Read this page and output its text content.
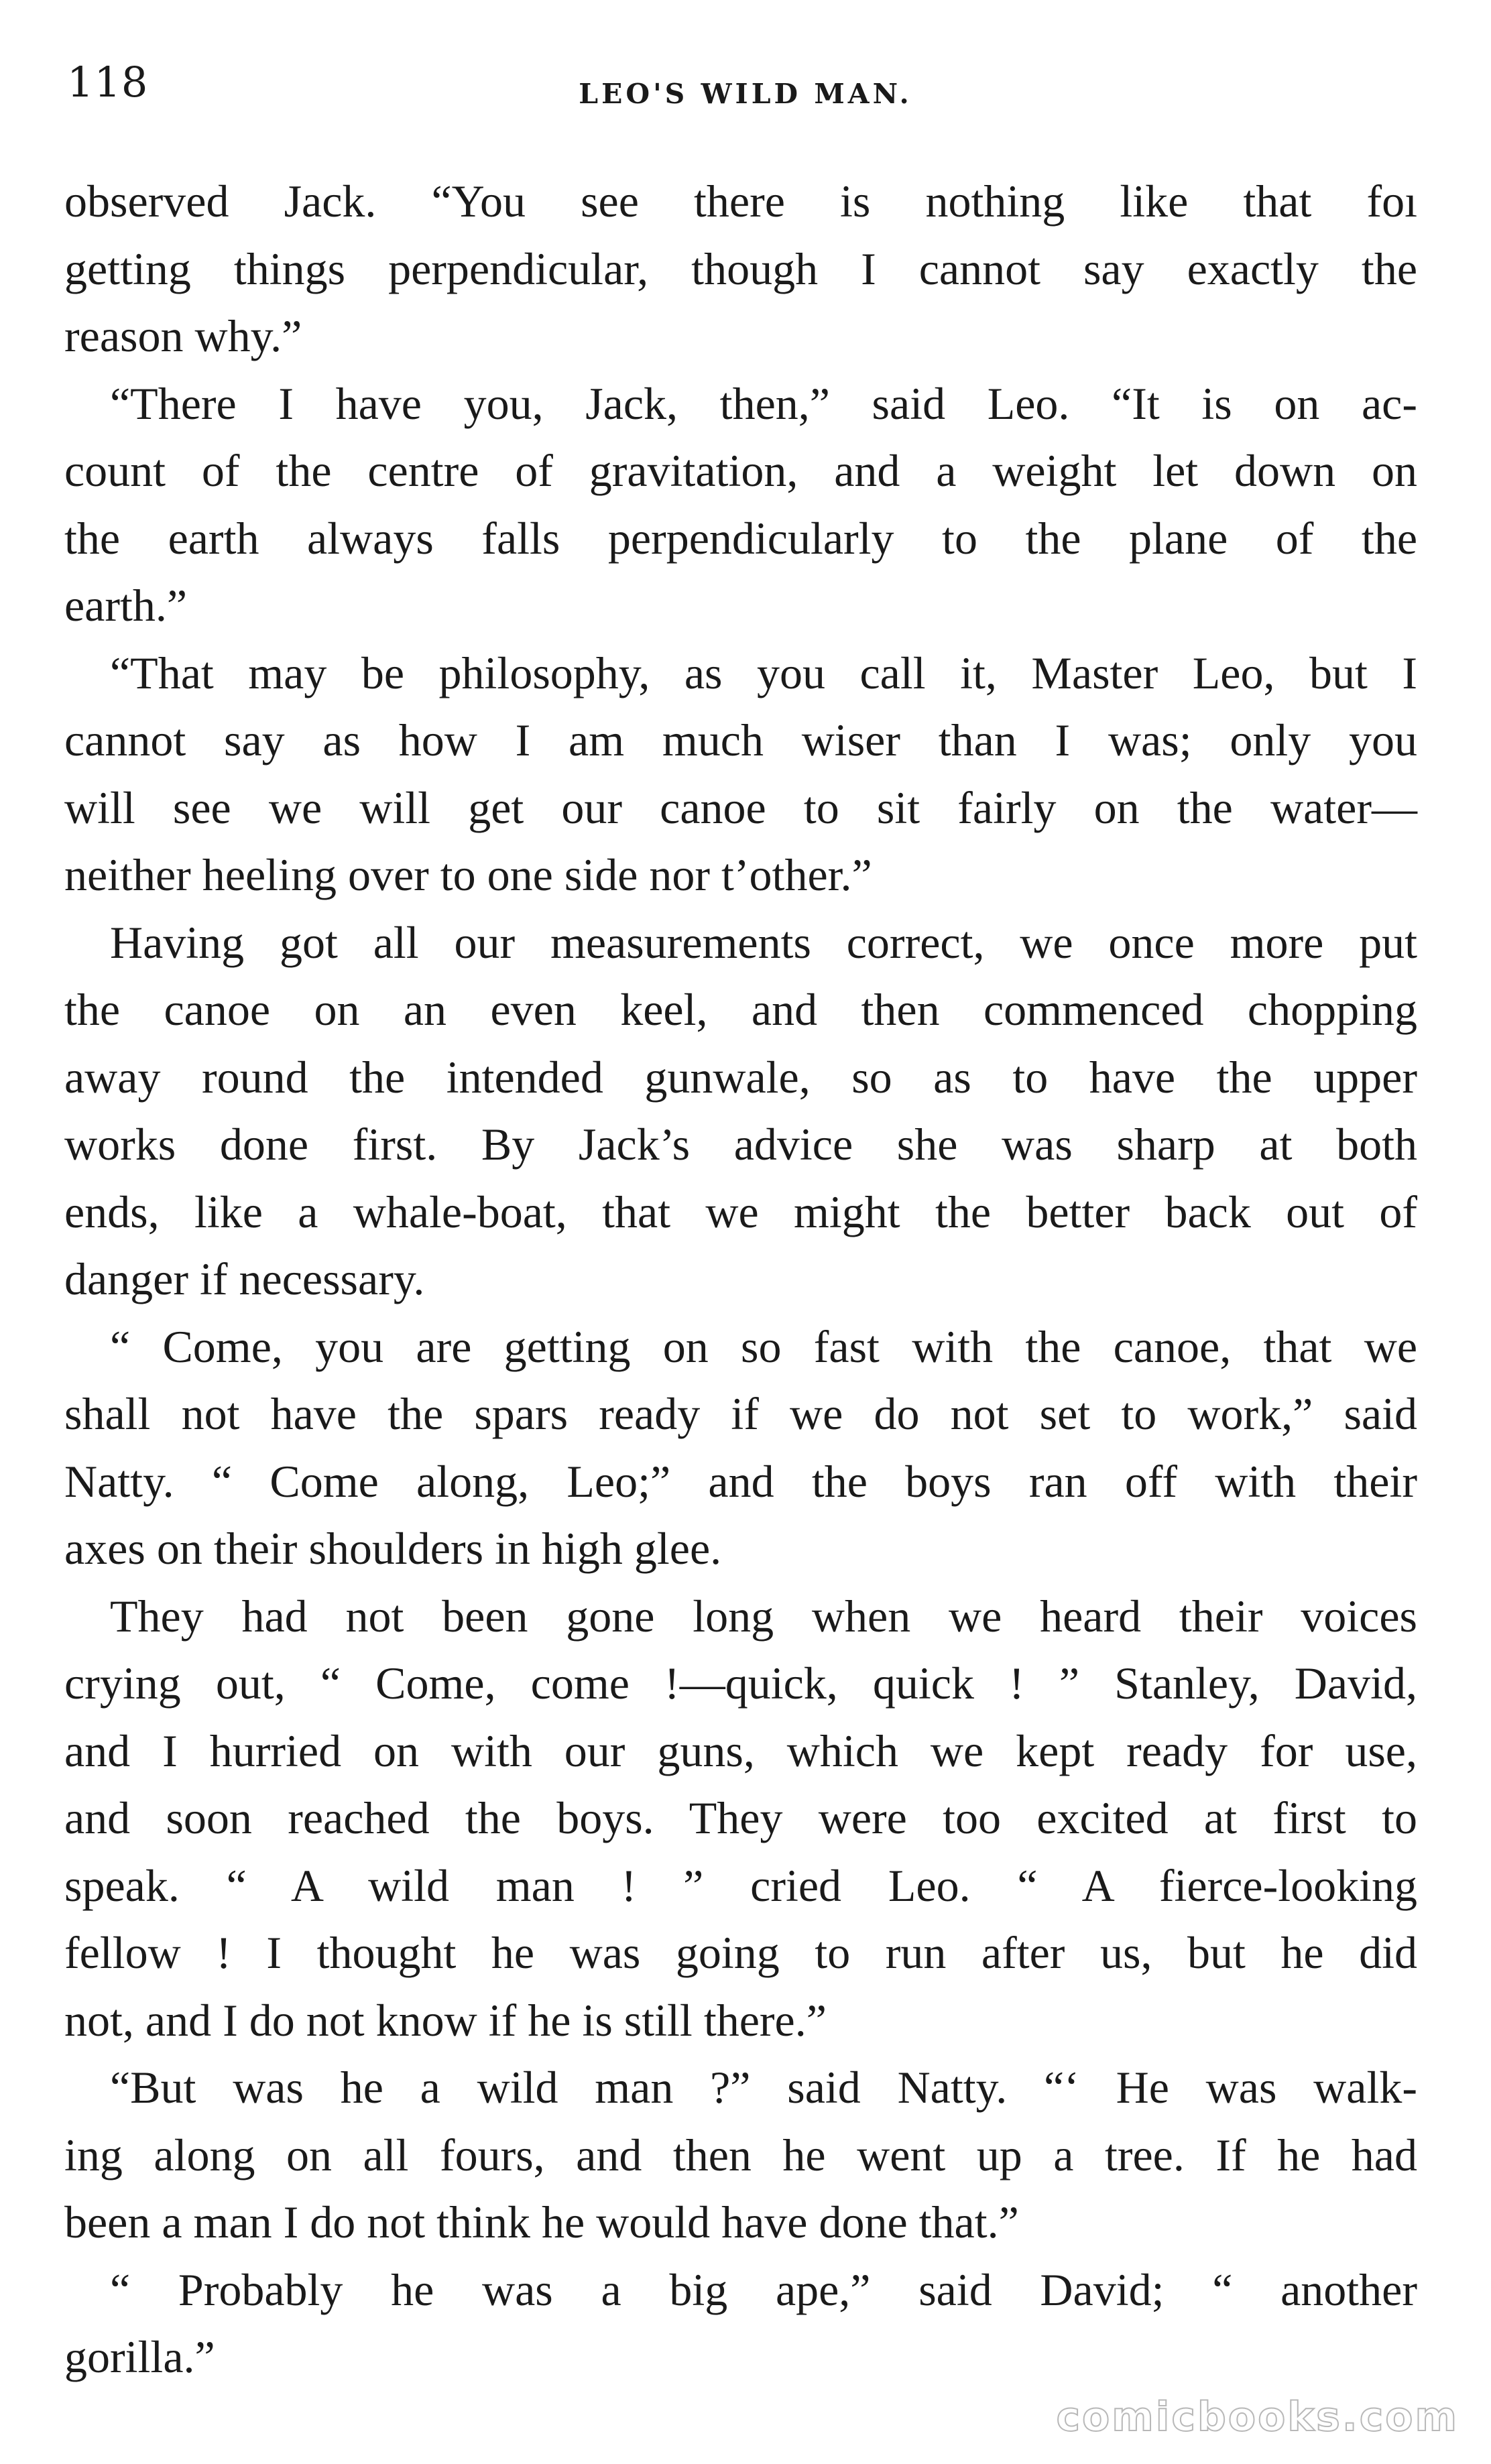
118	LEO'S WILD MAN.
observed Jack. “You see there is nothing like that foı
getting things perpendicular, though I cannot say exactly the
reason why.”
“There I have you, Jack, then,” said Leo. “It is on ac-
count of the centre of gravitation, and a weight let down on
the earth always falls perpendicularly to the plane of the
earth.”
“That may be philosophy, as you call it, Master Leo, but I
cannot say as how I am much wiser than I was; only you
will see we will get our canoe to sit fairly on the water—
neither heeling over to one side nor t’other.”
Having got all our measurements correct, we once more put
the canoe on an even keel, and then commenced chopping
away round the intended gunwale, so as to have the upper
works done first. By Jack’s advice she was sharp at both
ends, like a whale-boat, that we might the better back out of
danger if necessary.
“ Come, you are getting on so fast with the canoe, that we
shall not have the spars ready if we do not set to work,” said
Natty. “ Come along, Leo;” and the boys ran off with their
axes on their shoulders in high glee.
They had not been gone long when we heard their voices
crying out, “ Come, come !—quick, quick ! ” Stanley, David,
and I hurried on with our guns, which we kept ready for use,
and soon reached the boys. They were too excited at first to
speak. “ A wild man ! ” cried Leo. “ A fierce-looking
fellow ! I thought he was going to run after us, but he did
not, and I do not know if he is still there.”
“But was he a wild man ?” said Natty. “‘ He was walk-
ing along on all fours, and then he went up a tree. If he had
been a man I do not think he would have done that.”
“ Probably he was a big ape,” said David; “ another
gorilla.”
comicbooks.com
